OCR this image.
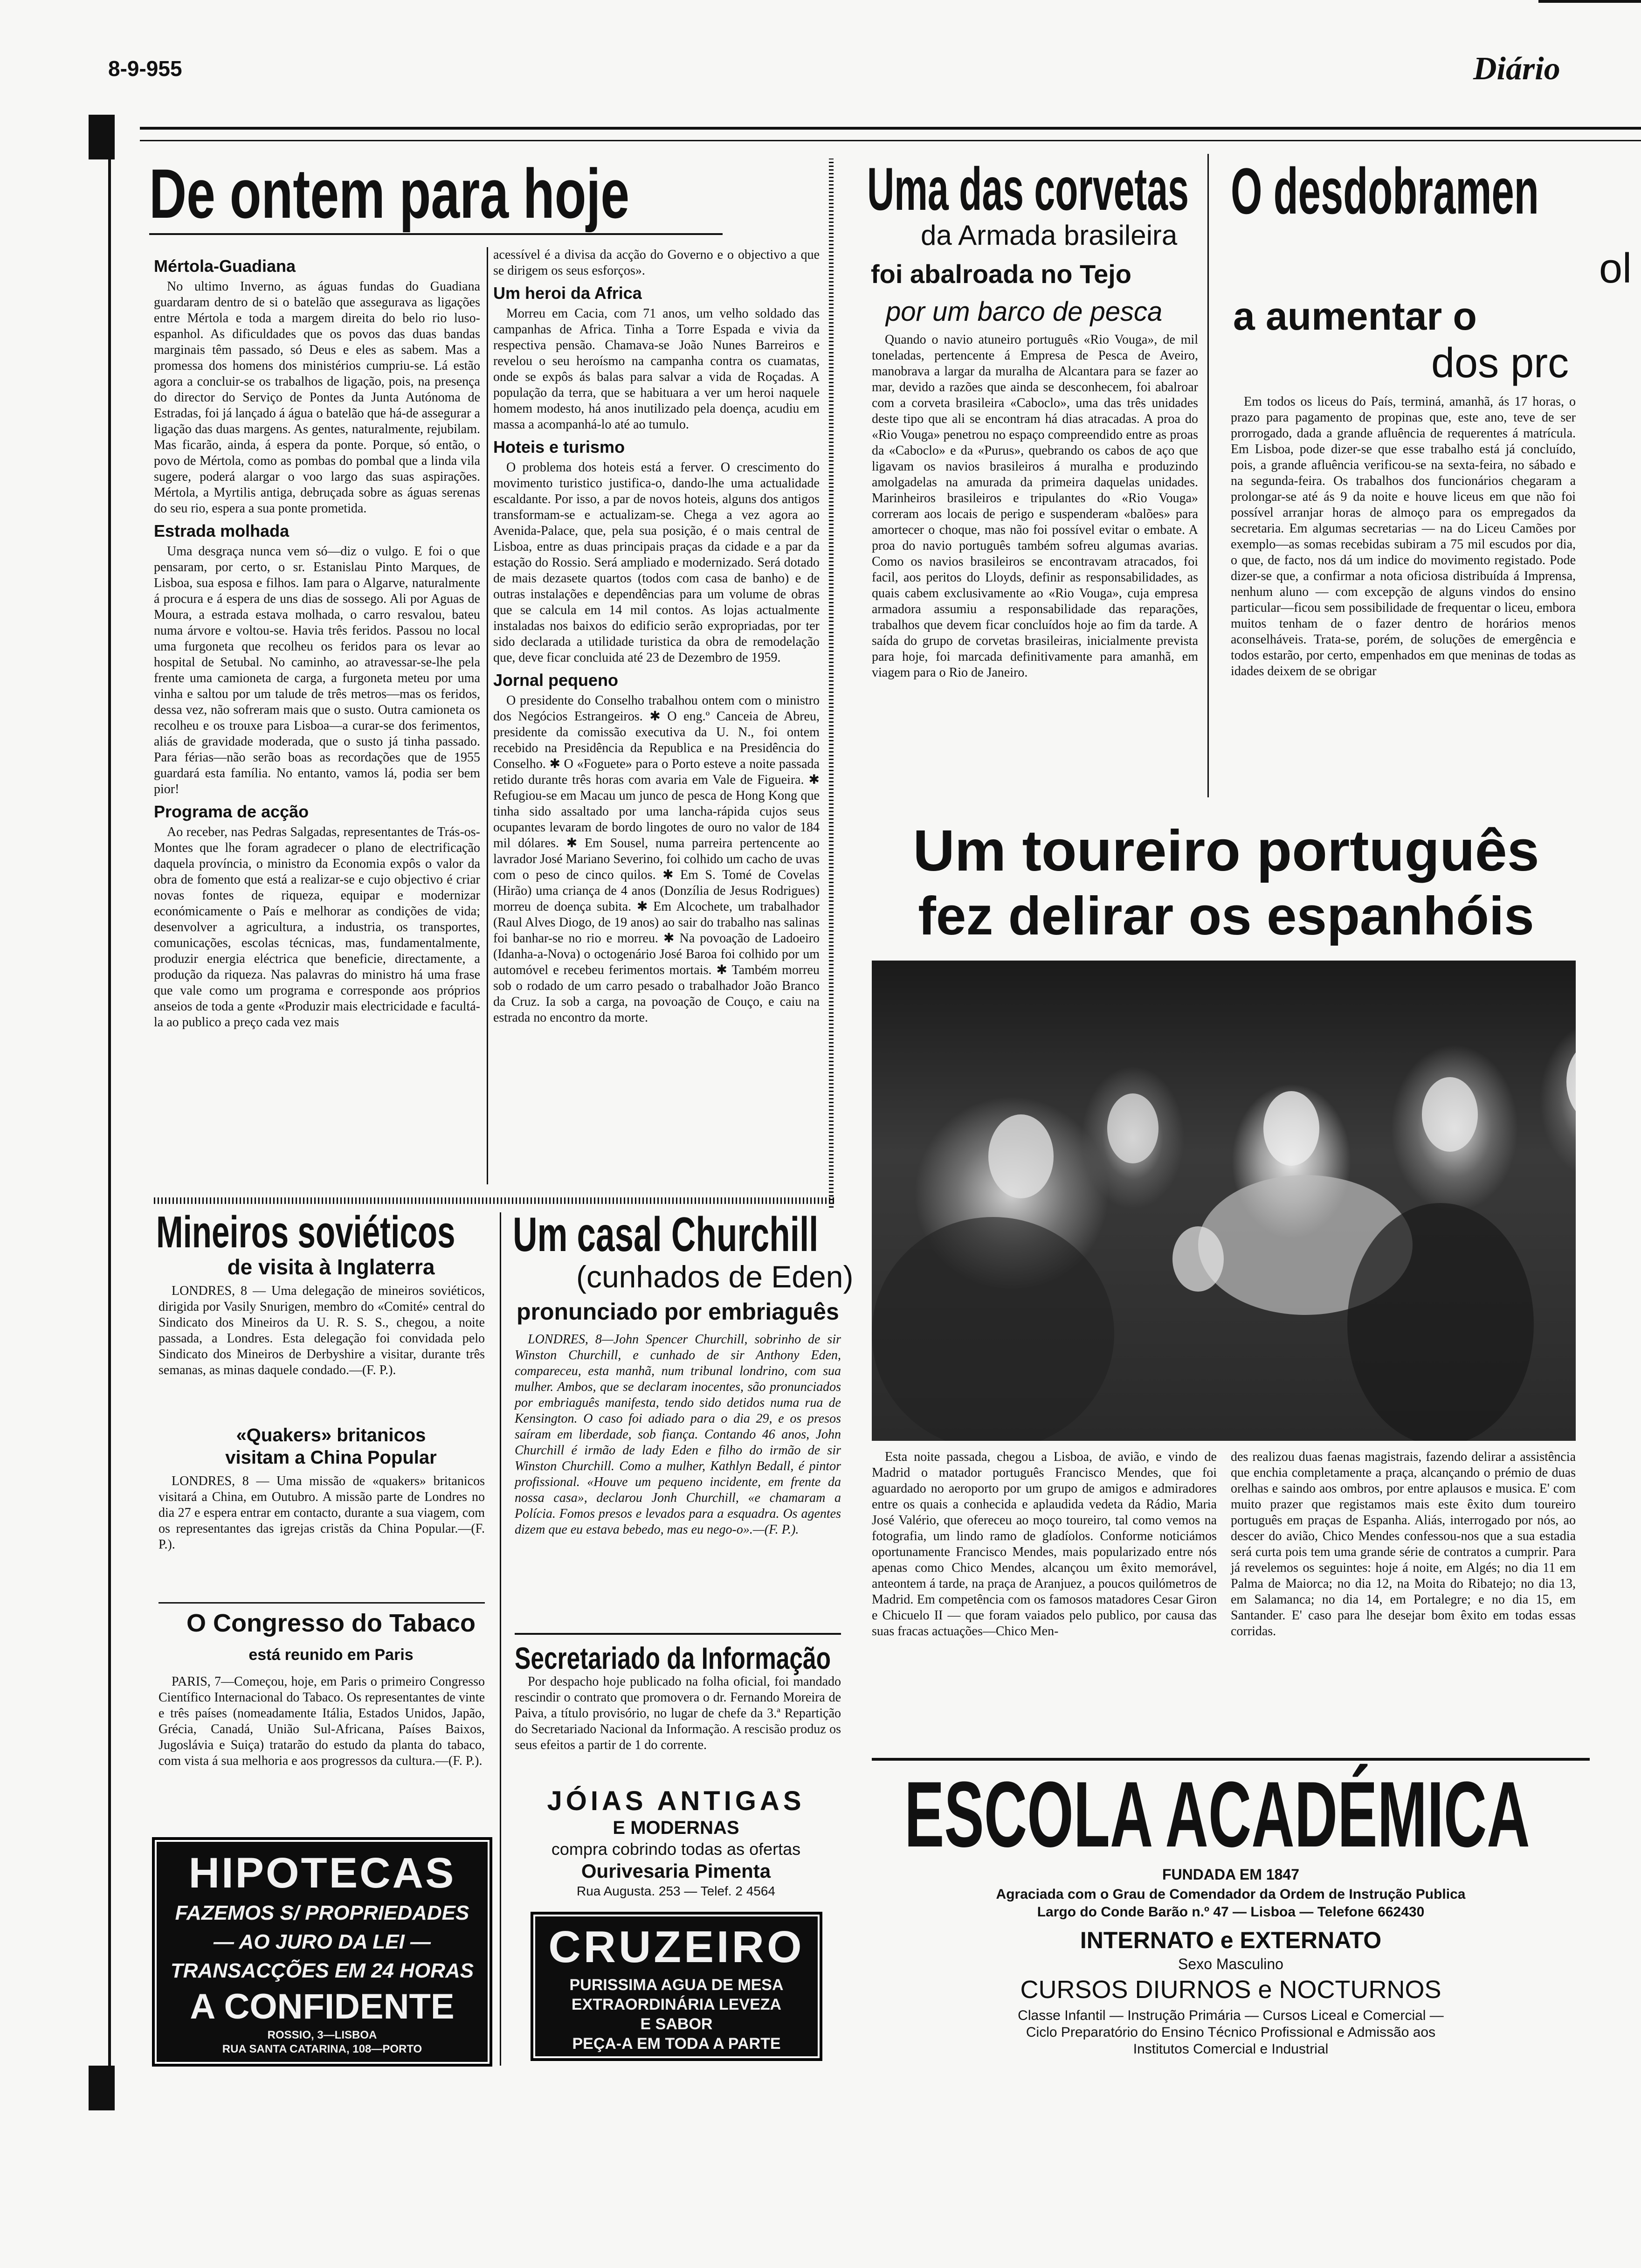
8-9-955	Diário
De ontem para hoje
Mértola-Guadiana

No ultimo Inverno, as águas fundas do Guadiana guardaram dentro de si o batelão que assegurava as ligações entre Mértola e toda a margem direita do belo rio luso-espanhol. As dificuldades que os povos das duas bandas marginais têm passado, só Deus e eles as sabem. Mas a promessa dos homens dos ministérios cumpriu-se. Lá estão agora a concluir-se os trabalhos de ligação, pois, na presença do director do Serviço de Pontes da Junta Autónoma de Estradas, foi já lançado á água o batelão que há-de assegurar a ligação das duas margens. As gentes, naturalmente, rejubilam. Mas ficarão, ainda, á espera da ponte. Porque, só então, o povo de Mértola, como as pombas do pombal que a linda vila sugere, poderá alargar o voo largo das suas aspirações. Mértola, a Myrtilis antiga, debruçada sobre as águas serenas do seu rio, espera a sua ponte prometida.

Estrada molhada

Uma desgraça nunca vem só—diz o vulgo. E foi o que pensaram, por certo, o sr. Estanislau Pinto Marques, de Lisboa, sua esposa e filhos. Iam para o Algarve, naturalmente á procura e á espera de uns dias de sossego. Ali por Aguas de Moura, a estrada estava molhada, o carro resvalou, bateu numa árvore e voltou-se. Havia três feridos. Passou no local uma furgoneta que recolheu os feridos para os levar ao hospital de Setubal. No caminho, ao atravessar-se-lhe pela frente uma camioneta de carga, a furgoneta meteu por uma vinha e saltou por um talude de três metros—mas os feridos, dessa vez, não sofreram mais que o susto. Outra camioneta os recolheu e os trouxe para Lisboa—a curar-se dos ferimentos, aliás de gravidade moderada, que o susto já tinha passado. Para férias—não serão boas as recordações que de 1955 guardará esta família. No entanto, vamos lá, podia ser bem pior!

Programa de acção

Ao receber, nas Pedras Salgadas, representantes de Trás-os-Montes que lhe foram agradecer o plano de electrificação daquela província, o ministro da Economia expôs o valor da obra de fomento que está a realizar-se e cujo objectivo é criar novas fontes de riqueza, equipar e modernizar económicamente o País e melhorar as condições de vida; desenvolver a agricultura, a industria, os transportes, comunicações, escolas técnicas, mas, fundamentalmente, produzir energia eléctrica que beneficie, directamente, a produção da riqueza. Nas palavras do ministro há uma frase que vale como um programa e corresponde aos próprios anseios de toda a gente «Produzir mais electricidade e facultá-la ao publico a preço cada vez mais

acessível é a divisa da acção do Governo e o objectivo a que se dirigem os seus esforços».

Um heroi da Africa

Morreu em Cacia, com 71 anos, um velho soldado das campanhas de Africa. Tinha a Torre Espada e vivia da respectiva pensão. Chamava-se João Nunes Barreiros e revelou o seu heroísmo na campanha contra os cuamatas, onde se expôs ás balas para salvar a vida de Roçadas. A população da terra, que se habituara a ver um heroi naquele homem modesto, há anos inutilizado pela doença, acudiu em massa a acompanhá-lo até ao tumulo.

Hoteis e turismo

O problema dos hoteis está a ferver. O crescimento do movimento turistico justifica-o, dando-lhe uma actualidade escaldante. Por isso, a par de novos hoteis, alguns dos antigos transformam-se e actualizam-se. Chega a vez agora ao Avenida-Palace, que, pela sua posição, é o mais central de Lisboa, entre as duas principais praças da cidade e a par da estação do Rossio. Será ampliado e modernizado. Será dotado de mais dezasete quartos (todos com casa de banho) e de outras instalações e dependências para um volume de obras que se calcula em 14 mil contos. As lojas actualmente instaladas nos baixos do edificio serão expropriadas, por ter sido declarada a utilidade turistica da obra de remodelação que, deve ficar concluida até 23 de Dezembro de 1959.

Jornal pequeno

O presidente do Conselho trabalhou ontem com o ministro dos Negócios Estrangeiros. ✱ O eng.º Canceia de Abreu, presidente da comissão executiva da U. N., foi ontem recebido na Presidência da Republica e na Presidência do Conselho. ✱ O «Foguete» para o Porto esteve a noite passada retido durante três horas com avaria em Vale de Figueira. ✱ Refugiou-se em Macau um junco de pesca de Hong Kong que tinha sido assaltado por uma lancha-rápida cujos seus ocupantes levaram de bordo lingotes de ouro no valor de 184 mil dólares. ✱ Em Sousel, numa parreira pertencente ao lavrador José Mariano Severino, foi colhido um cacho de uvas com o peso de cinco quilos. ✱ Em S. Tomé de Covelas (Hirão) uma criança de 4 anos (Donzília de Jesus Rodrigues) morreu de doença subita. ✱ Em Alcochete, um trabalhador (Raul Alves Diogo, de 19 anos) ao sair do trabalho nas salinas foi banhar-se no rio e morreu. ✱ Na povoação de Ladoeiro (Idanha-a-Nova) o octogenário José Baroa foi colhido por um automóvel e recebeu ferimentos mortais. ✱ Também morreu sob o rodado de um carro pesado o trabalhador João Branco da Cruz. Ia sob a carga, na povoação de Couço, e caiu na estrada no encontro da morte.

Uma das corvetas
da Armada brasileira
foi abalroada no Tejo
por um barco de pesca

Quando o navio atuneiro português «Rio Vouga», de mil toneladas, pertencente á Empresa de Pesca de Aveiro, manobrava a largar da muralha de Alcantara para se fazer ao mar, devido a razões que ainda se desconhecem, foi abalroar com a corveta brasileira «Caboclo», uma das três unidades deste tipo que ali se encontram há dias atracadas. A proa do «Rio Vouga» penetrou no espaço compreendido entre as proas da «Caboclo» e da «Purus», quebrando os cabos de aço que ligavam os navios brasileiros á muralha e produzindo amolgadelas na amurada da primeira daquelas unidades. Marinheiros brasileiros e tripulantes do «Rio Vouga» correram aos locais de perigo e suspenderam «balões» para amortecer o choque, mas não foi possível evitar o embate. A proa do navio português também sofreu algumas avarias. Como os navios brasileiros se encontravam atracados, foi facil, aos peritos do Lloyds, definir as responsabilidades, as quais cabem exclusivamente ao «Rio Vouga», cuja empresa armadora assumiu a responsabilidade das reparações, trabalhos que devem ficar concluídos hoje ao fim da tarde. A saída do grupo de corvetas brasileiras, inicialmente prevista para hoje, foi marcada definitivamente para amanhã, em viagem para o Rio de Janeiro.

O desdobramen
ol
a aumentar o
dos prc

Em todos os liceus do País, terminá, amanhã, ás 17 horas, o prazo para pagamento de propinas que, este ano, teve de ser prorrogado, dada a grande afluência de requerentes á matrícula. Em Lisboa, pode dizer-se que esse trabalho está já concluído, pois, a grande afluência verificou-se na sexta-feira, no sábado e na segunda-feira. Os trabalhos dos funcionários chegaram a prolongar-se até ás 9 da noite e houve liceus em que não foi possível arranjar horas de almoço para os empregados da secretaria. Em algumas secretarias — na do Liceu Camões por exemplo—as somas recebidas subiram a 75 mil escudos por dia, o que, de facto, nos dá um indice do movimento registado. Pode dizer-se que, a confirmar a nota oficiosa distribuída á Imprensa, nenhum aluno — com excepção de alguns vindos do ensino particular—ficou sem possibilidade de frequentar o liceu, embora muitos tenham de o fazer dentro de horários menos aconselháveis. Trata-se, porém, de soluções de emergência e todos estarão, por certo, empenhados em que meninas de todas as idades deixem de se obrigar

Um toureiro português
fez delirar os espanhóis

Esta noite passada, chegou a Lisboa, de avião, e vindo de Madrid o matador português Francisco Mendes, que foi aguardado no aeroporto por um grupo de amigos e admiradores entre os quais a conhecida e aplaudida vedeta da Rádio, Maria José Valério, que ofereceu ao moço toureiro, tal como vemos na fotografia, um lindo ramo de gladíolos. Conforme noticiámos oportunamente Francisco Mendes, mais popularizado entre nós apenas como Chico Mendes, alcançou um êxito memorável, anteontem á tarde, na praça de Aranjuez, a poucos quilómetros de Madrid. Em competência com os famosos matadores Cesar Giron e Chicuelo II — que foram vaiados pelo publico, por causa das suas fracas actuações—Chico Men-

des realizou duas faenas magistrais, fazendo delirar a assistência que enchia completamente a praça, alcançando o prémio de duas orelhas e saindo aos ombros, por entre aplausos e musica. E' com muito prazer que registamos mais este êxito dum toureiro português em praças de Espanha. Aliás, interrogado por nós, ao descer do avião, Chico Mendes confessou-nos que a sua estadia será curta pois tem uma grande série de contratos a cumprir. Para já revelemos os seguintes: hoje á noite, em Algés; no dia 11 em Palma de Maiorca; no dia 12, na Moita do Ribatejo; no dia 13, em Salamanca; no dia 14, em Portalegre; e no dia 15, em Santander. E' caso para lhe desejar bom êxito em todas essas corridas.

Mineiros soviéticos
de visita à Inglaterra

LONDRES, 8 — Uma delegação de mineiros soviéticos, dirigida por Vasily Snurigen, membro do «Comité» central do Sindicato dos Mineiros da U. R. S. S., chegou, a noite passada, a Londres. Esta delegação foi convidada pelo Sindicato dos Mineiros de Derbyshire a visitar, durante três semanas, as minas daquele condado.—(F. P.).

«Quakers» britanicos
visitam a China Popular

LONDRES, 8 — Uma missão de «quakers» britanicos visitará a China, em Outubro. A missão parte de Londres no dia 27 e espera entrar em contacto, durante a sua viagem, com os representantes das igrejas cristãs da China Popular.—(F. P.).

O Congresso do Tabaco
está reunido em Paris

PARIS, 7—Começou, hoje, em Paris o primeiro Congresso Científico Internacional do Tabaco. Os representantes de vinte e três países (nomeadamente Itália, Estados Unidos, Japão, Grécia, Canadá, União Sul-Africana, Países Baixos, Jugoslávia e Suiça) tratarão do estudo da planta do tabaco, com vista á sua melhoria e aos progressos da cultura.—(F. P.).

HIPOTECAS
FAZEMOS S/ PROPRIEDADES
— AO JURO DA LEI —
TRANSACÇÕES EM 24 HORAS
A CONFIDENTE
ROSSIO, 3—LISBOA
RUA SANTA CATARINA, 108—PORTO
Um casal Churchill
(cunhados de Eden)
pronunciado por embriaguês

LONDRES, 8—John Spencer Churchill, sobrinho de sir Winston Churchill, e cunhado de sir Anthony Eden, compareceu, esta manhã, num tribunal londrino, com sua mulher. Ambos, que se declaram inocentes, são pronunciados por embriaguês manifesta, tendo sido detidos numa rua de Kensington. O caso foi adiado para o dia 29, e os presos saíram em liberdade, sob fiança. Contando 46 anos, John Churchill é irmão de lady Eden e filho do irmão de sir Winston Churchill. Como a mulher, Kathlyn Bedall, é pintor profissional. «Houve um pequeno incidente, em frente da nossa casa», declarou Jonh Churchill, «e chamaram a Polícia. Fomos presos e levados para a esquadra. Os agentes dizem que eu estava bebedo, mas eu nego-o».—(F. P.).

Secretariado da Informação

Por despacho hoje publicado na folha oficial, foi mandado rescindir o contrato que promovera o dr. Fernando Moreira de Paiva, a título provisório, no lugar de chefe da 3.ª Repartição do Secretariado Nacional da Informação. A rescisão produz os seus efeitos a partir de 1 do corrente.

JÓIAS ANTIGAS
E MODERNAS
compra cobrindo todas as ofertas
Ourivesaria Pimenta
Rua Augusta. 253 — Telef. 2 4564
CRUZEIRO
PURISSIMA AGUA DE MESA
EXTRAORDINÁRIA LEVEZA
E SABOR
PEÇA-A EM TODA A PARTE
ESCOLA ACADÉMICA
FUNDADA EM 1847
Agraciada com o Grau de Comendador da Ordem de Instrução Publica
Largo do Conde Barão n.º 47 — Lisboa — Telefone 662430
INTERNATO e EXTERNATO
Sexo Masculino
CURSOS DIURNOS e NOCTURNOS
Classe Infantil — Instrução Primária — Cursos Liceal e Comercial —
Ciclo Preparatório do Ensino Técnico Profissional e Admissão aos
Institutos Comercial e Industrial
